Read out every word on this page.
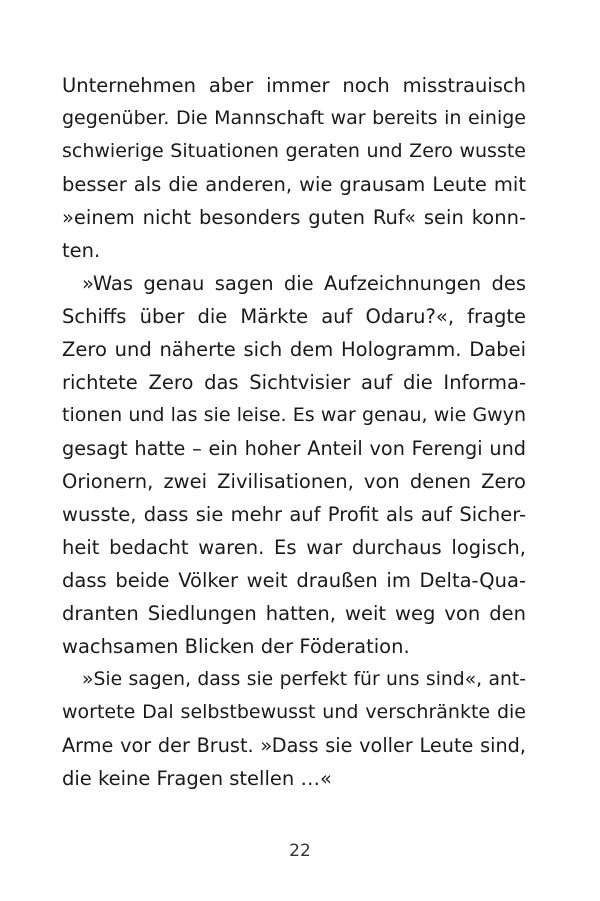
Unternehmen aber immer noch misstrauisch
gegenüber. Die Mannschaft war bereits in einige
schwierige Situationen geraten und Zero wusste
besser als die anderen, wie grausam Leute mit
»einem nicht besonders guten Ruf« sein konn-
ten.
»Was genau sagen die Aufzeichnungen des
Schiffs über die Märkte auf Odaru?«, fragte
Zero und näherte sich dem Hologramm. Dabei
richtete Zero das Sichtvisier auf die Informa-
tionen und las sie leise. Es war genau, wie Gwyn
gesagt hatte – ein hoher Anteil von Ferengi und
Orionern, zwei Zivilisationen, von denen Zero
wusste, dass sie mehr auf Profit als auf Sicher-
heit bedacht waren. Es war durchaus logisch,
dass beide Völker weit draußen im Delta-Qua-
dranten Siedlungen hatten, weit weg von den
wachsamen Blicken der Föderation.
»Sie sagen, dass sie perfekt für uns sind«, ant-
wortete Dal selbstbewusst und verschränkte die
Arme vor der Brust. »Dass sie voller Leute sind,
die keine Fragen stellen …«
22
